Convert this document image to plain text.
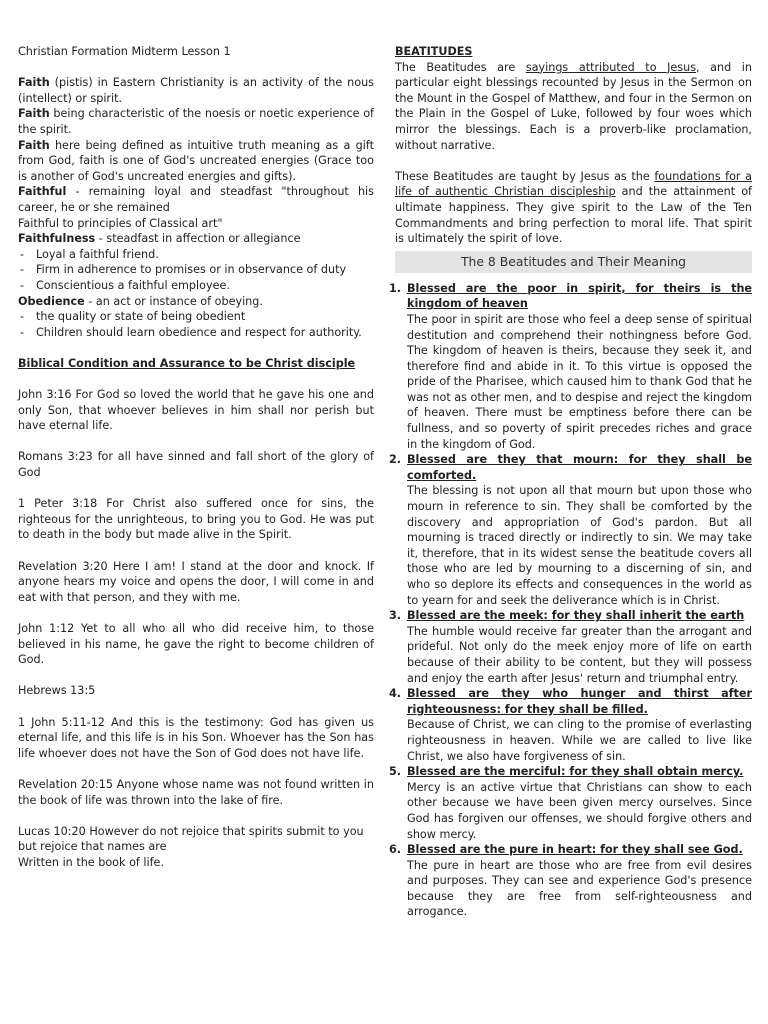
Christian Formation Midterm Lesson 1

Faith (pistis) in Eastern Christianity is an activity of the nous (intellect) or spirit.

Faith being characteristic of the noesis or noetic experience of the spirit.

Faith here being defined as intuitive truth meaning as a gift from God, faith is one of God's uncreated energies (Grace too is another of God's uncreated energies and gifts).

Faithful - remaining loyal and steadfast "throughout his career, he or she remained

Faithful to principles of Classical art"

Faithfulness - steadfast in affection or allegiance

- Loyal a faithful friend.
- Firm in adherence to promises or in observance of duty
- Conscientious a faithful employee.

Obedience - an act or instance of obeying.

- the quality or state of being obedient
- Children should learn obedience and respect for authority.

Biblical Condition and Assurance to be Christ disciple

John 3:16 For God so loved the world that he gave his one and only Son, that whoever believes in him shall nor perish but have eternal life.

Romans 3:23 for all have sinned and fall short of the glory of God

1 Peter 3:18 For Christ also suffered once for sins, the righteous for the unrighteous, to bring you to God. He was put to death in the body but made alive in the Spirit.

Revelation 3:20 Here I am! I stand at the door and knock. If anyone hears my voice and opens the door, I will come in and eat with that person, and they with me.

John 1:12 Yet to all who all who did receive him, to those believed in his name, he gave the right to become children of God.

Hebrews 13:5

1 John 5:11-12 And this is the testimony: God has given us eternal life, and this life is in his Son. Whoever has the Son has life whoever does not have the Son of God does not have life.

Revelation 20:15 Anyone whose name was not found written in the book of life was thrown into the lake of fire.

Lucas 10:20 However do not rejoice that spirits submit to you but rejoice that names are

Written in the book of life.

BEATITUDES

The Beatitudes are sayings attributed to Jesus, and in particular eight blessings recounted by Jesus in the Sermon on the Mount in the Gospel of Matthew, and four in the Sermon on the Plain in the Gospel of Luke, followed by four woes which mirror the blessings. Each is a proverb-like proclamation, without narrative.

These Beatitudes are taught by Jesus as the foundations for a life of authentic Christian discipleship and the attainment of ultimate happiness. They give spirit to the Law of the Ten Commandments and bring perfection to moral life. That spirit is ultimately the spirit of love.

The 8 Beatitudes and Their Meaning
1. Blessed are the poor in spirit, for theirs is the kingdom of heaven
The poor in spirit are those who feel a deep sense of spiritual destitution and comprehend their nothingness before God. The kingdom of heaven is theirs, because they seek it, and therefore find and abide in it. To this virtue is opposed the pride of the Pharisee, which caused him to thank God that he was not as other men, and to despise and reject the kingdom of heaven. There must be emptiness before there can be fullness, and so poverty of spirit precedes riches and grace in the kingdom of God.
2. Blessed are they that mourn: for they shall be comforted.
The blessing is not upon all that mourn but upon those who mourn in reference to sin. They shall be comforted by the discovery and appropriation of God's pardon. But all mourning is traced directly or indirectly to sin. We may take it, therefore, that in its widest sense the beatitude covers all those who are led by mourning to a discerning of sin, and who so deplore its effects and consequences in the world as to yearn for and seek the deliverance which is in Christ.
3. Blessed are the meek: for they shall inherit the earth
The humble would receive far greater than the arrogant and prideful. Not only do the meek enjoy more of life on earth because of their ability to be content, but they will possess and enjoy the earth after Jesus' return and triumphal entry.
4. Blessed are they who hunger and thirst after righteousness: for they shall be filled.
Because of Christ, we can cling to the promise of everlasting righteousness in heaven. While we are called to live like Christ, we also have forgiveness of sin.
5. Blessed are the merciful: for they shall obtain mercy.
Mercy is an active virtue that Christians can show to each other because we have been given mercy ourselves. Since God has forgiven our offenses, we should forgive others and show mercy.
6. Blessed are the pure in heart: for they shall see God.
The pure in heart are those who are free from evil desires and purposes. They can see and experience God's presence because they are free from self-righteousness and arrogance.
